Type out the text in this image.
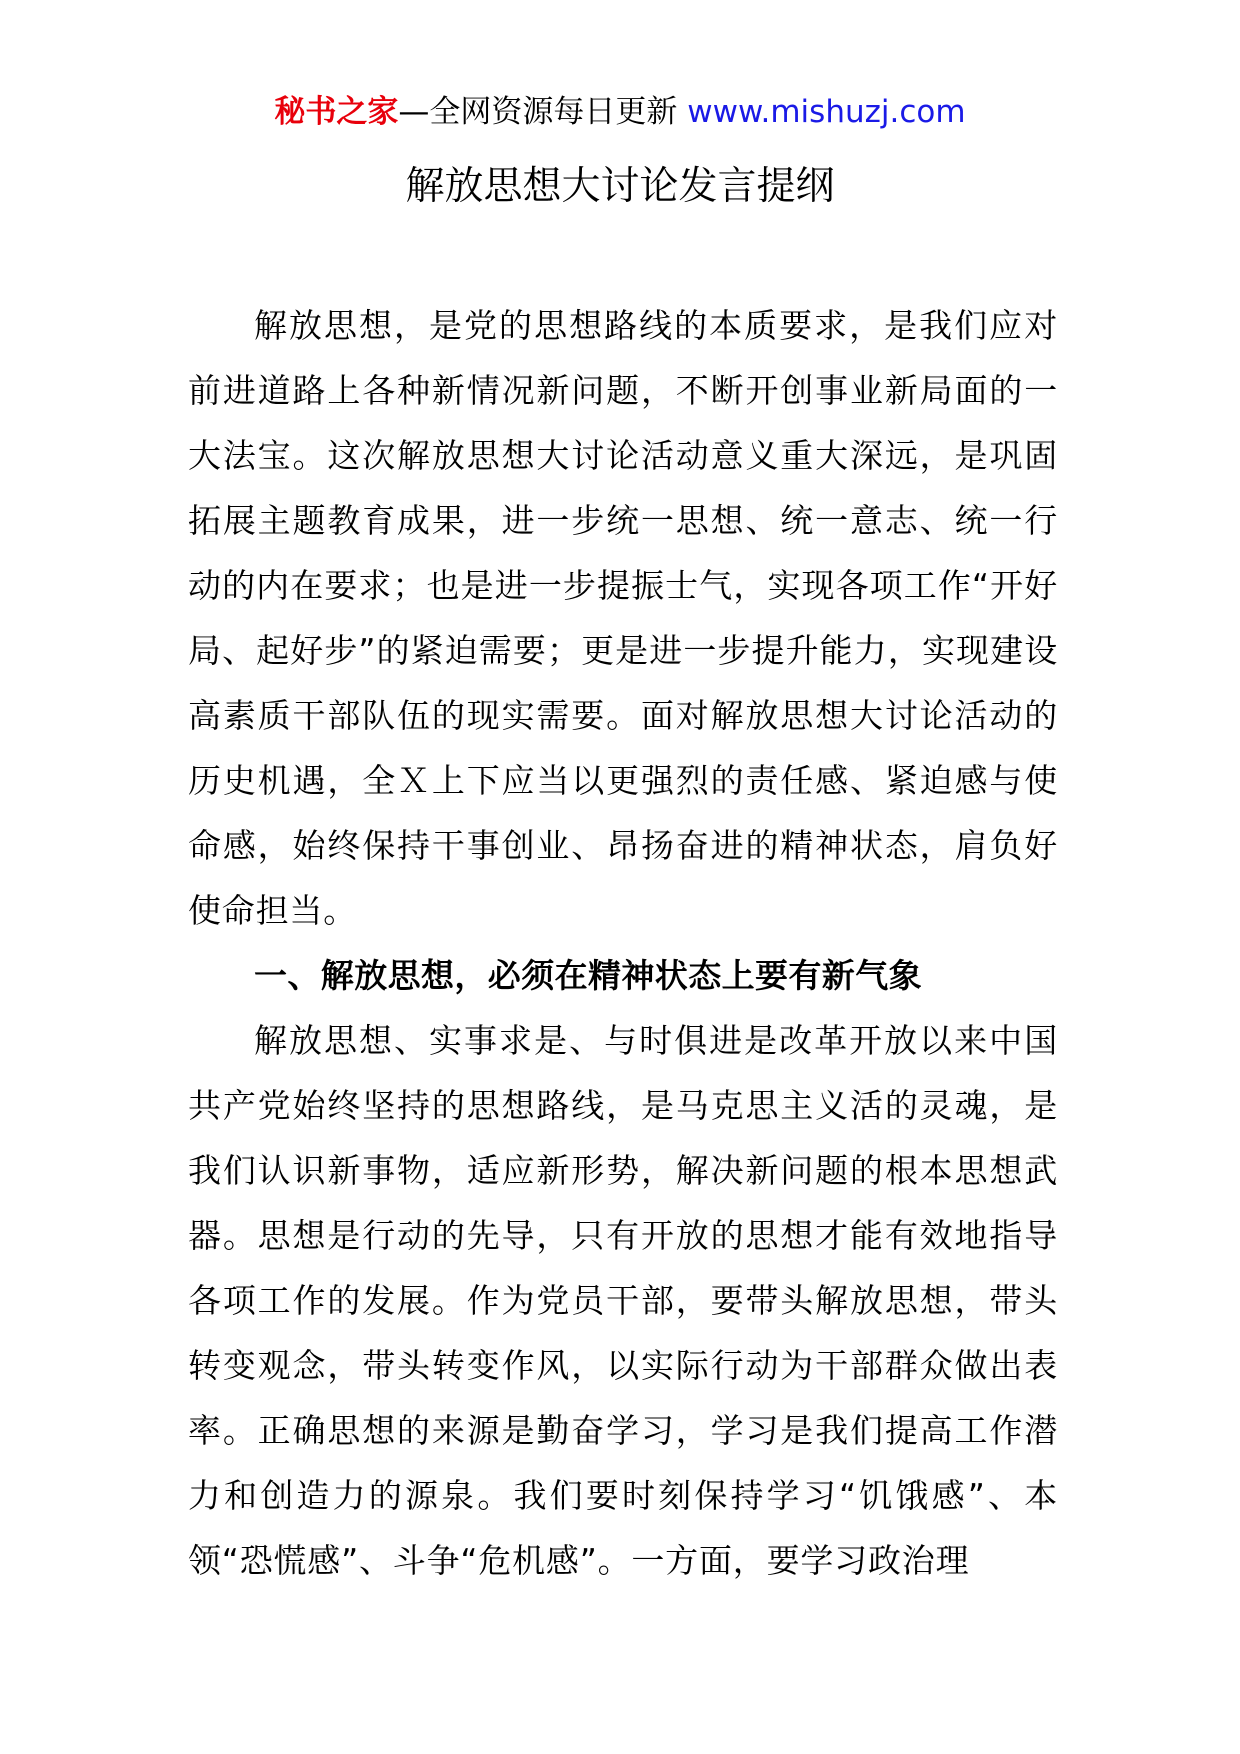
秘书之家—全网资源每日更新 www.mishuzj.com
解放思想大讨论发言提纲

解放思想，是党的思想路线的本质要求，是我们应对前进道路上各种新情况新问题，不断开创事业新局面的一大法宝。这次解放思想大讨论活动意义重大深远，是巩固拓展主题教育成果，进一步统一思想、统一意志、统一行动的内在要求；也是进一步提振士气，实现各项工作“开好局、起好步”的紧迫需要；更是进一步提升能力，实现建设高素质干部队伍的现实需要。面对解放思想大讨论活动的历史机遇，全Ｘ上下应当以更强烈的责任感、紧迫感与使命感，始终保持干事创业、昂扬奋进的精神状态，肩负好使命担当。

一、解放思想，必须在精神状态上要有新气象

解放思想、实事求是、与时俱进是改革开放以来中国共产党始终坚持的思想路线，是马克思主义活的灵魂，是我们认识新事物，适应新形势，解决新问题的根本思想武器。思想是行动的先导，只有开放的思想才能有效地指导各项工作的发展。作为党员干部，要带头解放思想，带头转变观念，带头转变作风，以实际行动为干部群众做出表率。正确思想的来源是勤奋学习，学习是我们提高工作潜力和创造力的源泉。我们要时刻保持学习“饥饿感”、本领“恐慌感”、斗争“危机感”。一方面，要学习政治理
